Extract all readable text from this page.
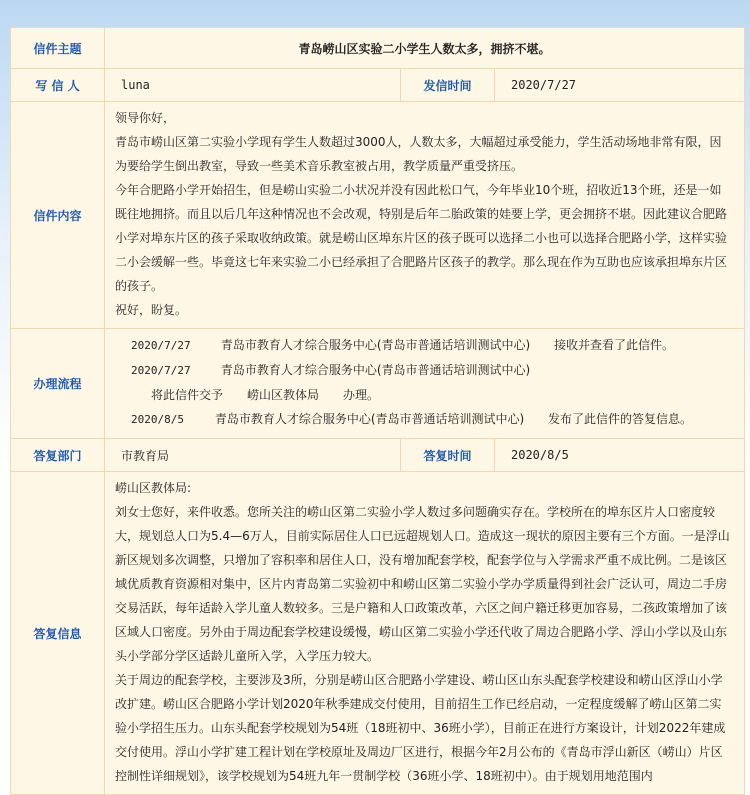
信件主题	青岛崂山区实验二小学生人数太多，拥挤不堪。		
写 信 人	luna	发信时间	2020/7/27
信件内容	领导你好，

青岛市崂山区第二实验小学现有学生人数超过3000人，人数太多，大幅超过承受能力，学生活动场地非常有限，因为要给学生倒出教室，导致一些美术音乐教室被占用，教学质量严重受挤压。

今年合肥路小学开始招生，但是崂山实验二小状况并没有因此松口气，今年毕业10个班，招收近13个班，还是一如既往地拥挤。而且以后几年这种情况也不会改观，特别是后年二胎政策的娃要上学，更会拥挤不堪。因此建议合肥路小学对埠东片区的孩子采取收纳政策。就是崂山区埠东片区的孩子既可以选择二小也可以选择合肥路小学，这样实验二小会缓解一些。毕竟这七年来实验二小已经承担了合肥路片区孩子的教学。那么现在作为互助也应该承担埠东片区的孩子。

祝好，盼复。		

办理流程	2020/7/27 青岛市教育人才综合服务中心(青岛市普通话培训测试中心) 接收并查看了此信件。

2020/7/27 青岛市教育人才综合服务中心(青岛市普通话培训测试中心) 将此信件交予　　崂山区教体局　　办理。

2020/8/5 青岛市教育人才综合服务中心(青岛市普通话培训测试中心) 发布了此信件的答复信息。		

答复部门	市教育局	答复时间	2020/8/5
答复信息	崂山区教体局:

刘女士您好，来件收悉。您所关注的崂山区第二实验小学人数过多问题确实存在。学校所在的埠东区片人口密度较大，规划总人口为5.4—6万人，目前实际居住人口已远超规划人口。造成这一现状的原因主要有三个方面。一是浮山新区规划多次调整，只增加了容积率和居住人口，没有增加配套学校，配套学位与入学需求严重不成比例。二是该区域优质教育资源相对集中，区片内青岛第二实验初中和崂山区第二实验小学办学质量得到社会广泛认可，周边二手房交易活跃，每年适龄入学儿童人数较多。三是户籍和人口政策改革，六区之间户籍迁移更加容易，二孩政策增加了该区域人口密度。另外由于周边配套学校建设缓慢，崂山区第二实验小学还代收了周边合肥路小学、浮山小学以及山东头小学部分学区适龄儿童所入学，入学压力较大。

关于周边的配套学校，主要涉及3所，分别是崂山区合肥路小学建设、崂山区山东头配套学校建设和崂山区浮山小学改扩建。崂山区合肥路小学计划2020年秋季建成交付使用，目前招生工作已经启动，一定程度缓解了崂山区第二实验小学招生压力。山东头配套学校规划为54班（18班初中、36班小学），目前正在进行方案设计，计划2022年建成交付使用。浮山小学扩建工程计划在学校原址及周边厂区进行，根据今年2月公布的《青岛市浮山新区（崂山）片区控制性详细规划》，该学校规划为54班九年一贯制学校（36班小学、18班初中）。由于规划用地范围内		
